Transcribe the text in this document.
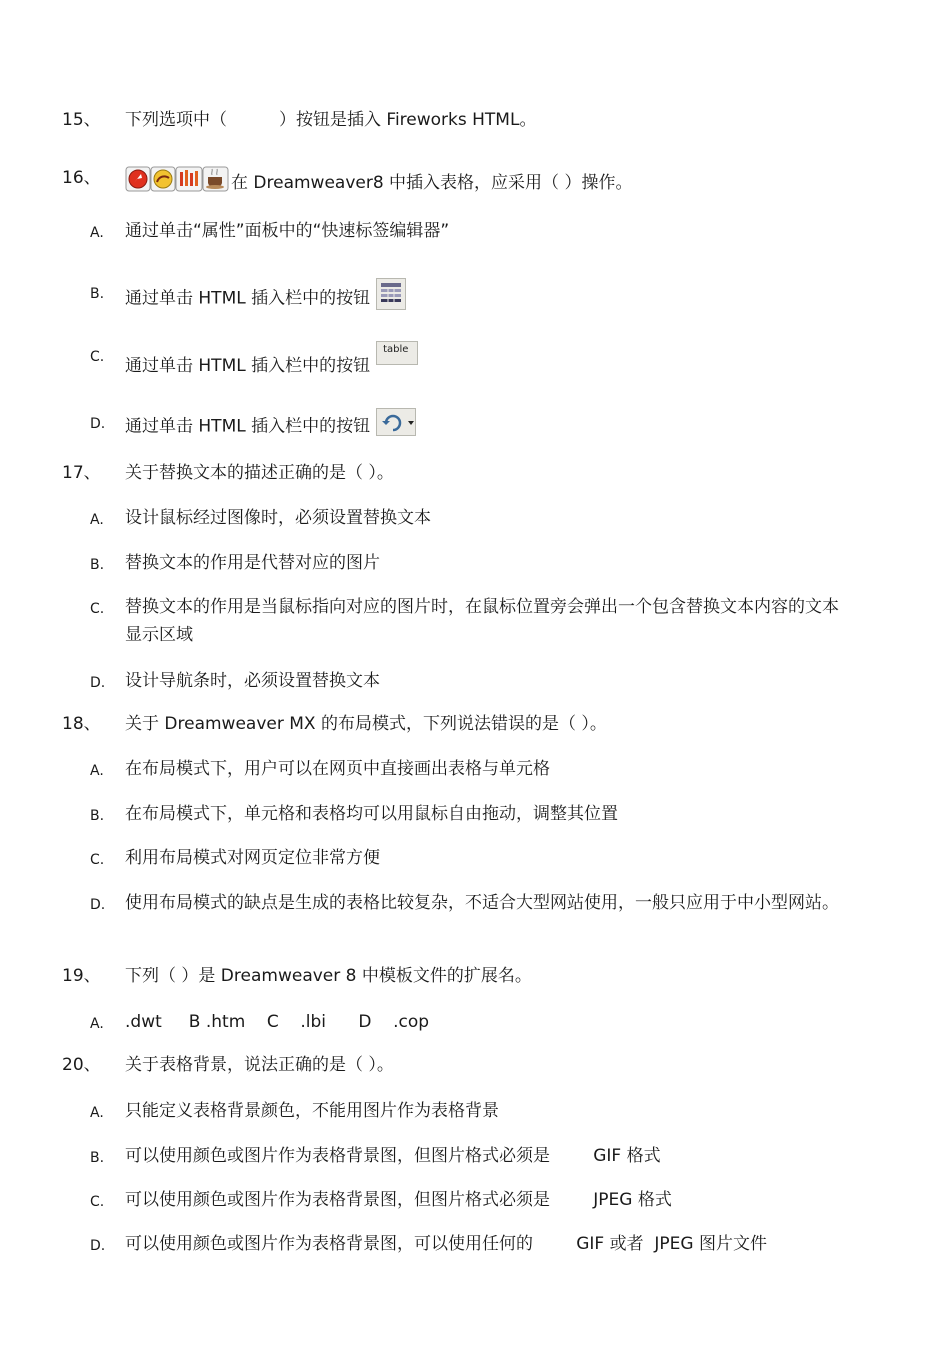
15、 下列选项中（	）按钮是插入 Fireworks HTML。
16、	在 Dreamweaver8 中插入表格，应采用（ ）操作。
A. 通过单击“属性”面板中的“快速标签编辑器”
B. 通过单击 HTML 插入栏中的按钮
C. 通过单击 HTML 插入栏中的按钮
table
D. 通过单击 HTML 插入栏中的按钮
17、 关于替换文本的描述正确的是（ ）。
A. 设计鼠标经过图像时，必须设置替换文本
B. 替换文本的作用是代替对应的图片
C. 替换文本的作用是当鼠标指向对应的图片时，在鼠标位置旁会弹出一个包含替换文本内容的文本显示区域
D. 设计导航条时，必须设置替换文本
18、 关于 Dreamweaver MX 的布局模式，下列说法错误的是（ ）。
A. 在布局模式下，用户可以在网页中直接画出表格与单元格
B. 在布局模式下，单元格和表格均可以用鼠标自由拖动，调整其位置
C. 利用布局模式对网页定位非常方便
D. 使用布局模式的缺点是生成的表格比较复杂，不适合大型网站使用，一般只应用于中小型网站。
19、 下列（ ）是 Dreamweaver 8 中模板文件的扩展名。
A. .dwt     B .htm    C    .lbi      D    .cop
20、 关于表格背景，说法正确的是（ ）。
A. 只能定义表格背景颜色，不能用图片作为表格背景
B. 可以使用颜色或图片作为表格背景图，但图片格式必须是        GIF 格式
C. 可以使用颜色或图片作为表格背景图，但图片格式必须是        JPEG 格式
D. 可以使用颜色或图片作为表格背景图，可以使用任何的        GIF 或者  JPEG 图片文件
